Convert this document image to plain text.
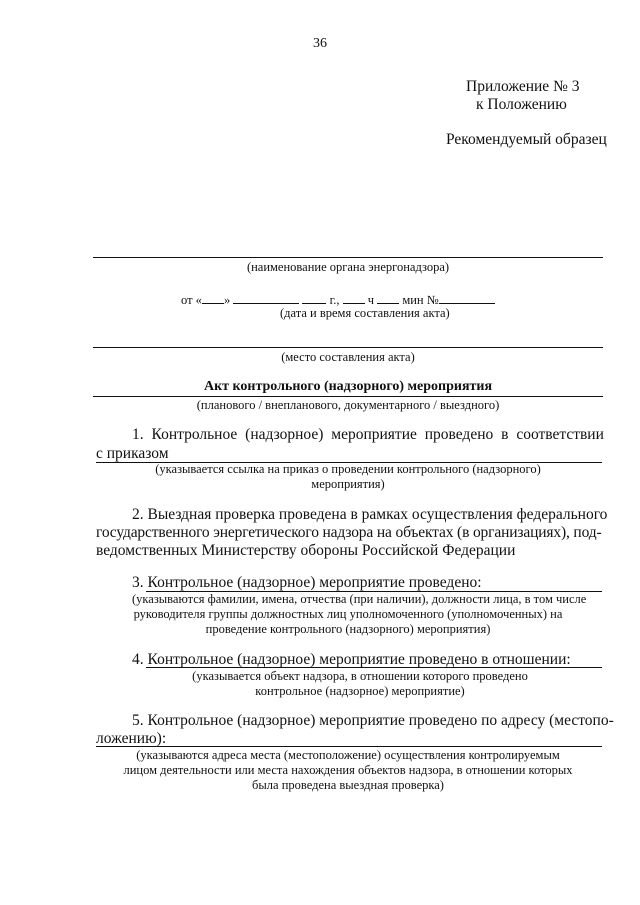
36
Приложение № 3
к Положению
Рекомендуемый образец
(наименование органа энергонадзора)
от « »	г., ч мин №
(дата и время составления акта)
(место составления акта)
Акт контрольного (надзорного) мероприятия
(планового / внепланового, документарного / выездного)
1. Контрольное (надзорное) мероприятие проведено в соответствии
с приказом
(указывается ссылка на приказ о проведении контрольного (надзорного)
мероприятия)
2. Выездная проверка проведена в рамках осуществления федерального
государственного энергетического надзора на объектах (в организациях), под-
ведомственных Министерству обороны Российской Федерации
3. Контрольное (надзорное) мероприятие проведено:
(указываются фамилии, имена, отчества (при наличии), должности лица, в том числе
руководителя группы должностных лиц уполномоченного (уполномоченных) на
проведение контрольного (надзорного) мероприятия)
4. Контрольное (надзорное) мероприятие проведено в отношении:
(указывается объект надзора, в отношении которого проведено
контрольное (надзорное) мероприятие)
5. Контрольное (надзорное) мероприятие проведено по адресу (местопо-
ложению):
(указываются адреса места (местоположение) осуществления контролируемым
лицом деятельности или места нахождения объектов надзора, в отношении которых
была проведена выездная проверка)
